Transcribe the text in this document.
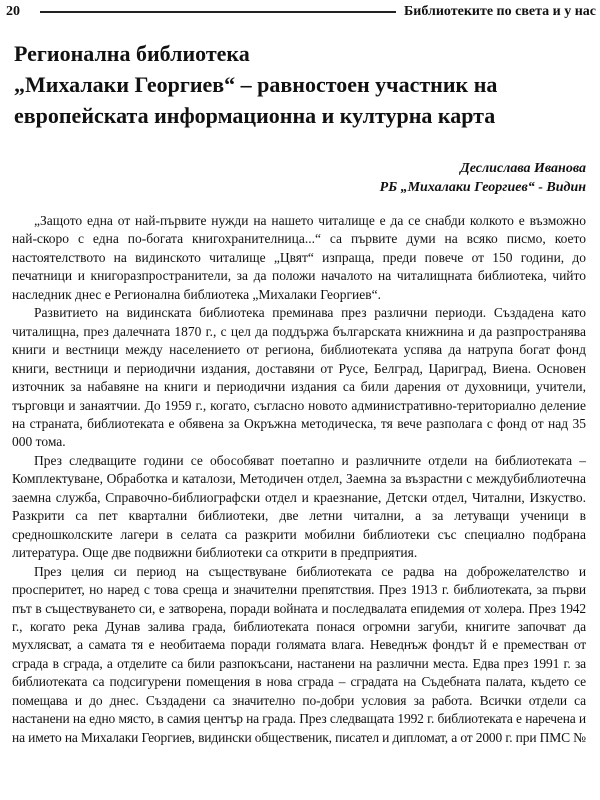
20	Библиотеките по света и у нас
Регионална библиотека
„Михалаки Георгиев“ – равностоен участник на
европейската информационна и културна карта
Деслислава Иванова
РБ „Михалаки Георгиев“ - Видин

„Защото една от най-първите нужди на нашето читалище е да се снабди колкото е възможно най-скоро с една по-богата книгохранителница...“ са първите думи на всяко писмо, което настоятелството на видинското читалище „Цвят“ изпраща, преди повече от 150 години, до печатници и книгоразпространители, за да положи началото на читалищната библиотека, чийто наследник днес е Регионална библиотека „Михалаки Георгиев“.

Развитието на видинската библиотека преминава през различни периоди. Създадена като читалищна, през далечната 1870 г., с цел да поддържа българската книжнина и да разпространява книги и вестници между населението от региона, библиотеката успява да натрупа богат фонд книги, вестници и периодични издания, доставяни от Русе, Белград, Цариград, Виена. Основен източник за набавяне на книги и периодични издания са били дарения от духовници, учители, търговци и занаятчии. До 1959 г., когато, съгласно новото административно-териториално деление на страната, библиотеката е обявена за Окръжна методическа, тя вече разполага с фонд от над 35 000 тома.

През следващите години се обособяват поетапно и различните отдели на библиотеката – Комплектуване, Обработка и каталози, Методичен отдел, Заемна за възрастни с междубиблиотечна заемна служба, Справочно-библиографски отдел и краезнание, Детски отдел, Читални, Изкуство. Разкрити са пет квартални библиотеки, две летни читални, а за летуващи ученици в средношколските лагери в селата са разкрити мобилни библиотеки със специално подбрана литература. Още две подвижни библиотеки са открити в предприятия.

През целия си период на съществуване библиотеката се радва на доброжелателство и просперитет, но наред с това среща и значителни препятствия. През 1913 г. библиотеката, за първи път в съществуването си, е затворена, поради войната и последвалата епидемия от холера. През 1942 г., когато река Дунав залива града, библиотеката понася огромни загуби, книгите започват да мухлясват, а самата тя е необитаема поради голямата влага. Неведнъж фондът й е преместван от сграда в сграда, а отделите са били разпокъсани, настанени на различни места. Едва през 1991 г. за библиотеката са подсигурени помещения в нова сграда – сградата на Съдебната палата, където се помещава и до днес. Създадени са значително по-добри условия за работа. Всички отдели са настанени на едно място, в самия център на града. През следващата 1992 г. библиотеката е наречена и на името на Михалаки Георгиев, видински общественик, писател и дипломат, а от 2000 г. при ПМС №
